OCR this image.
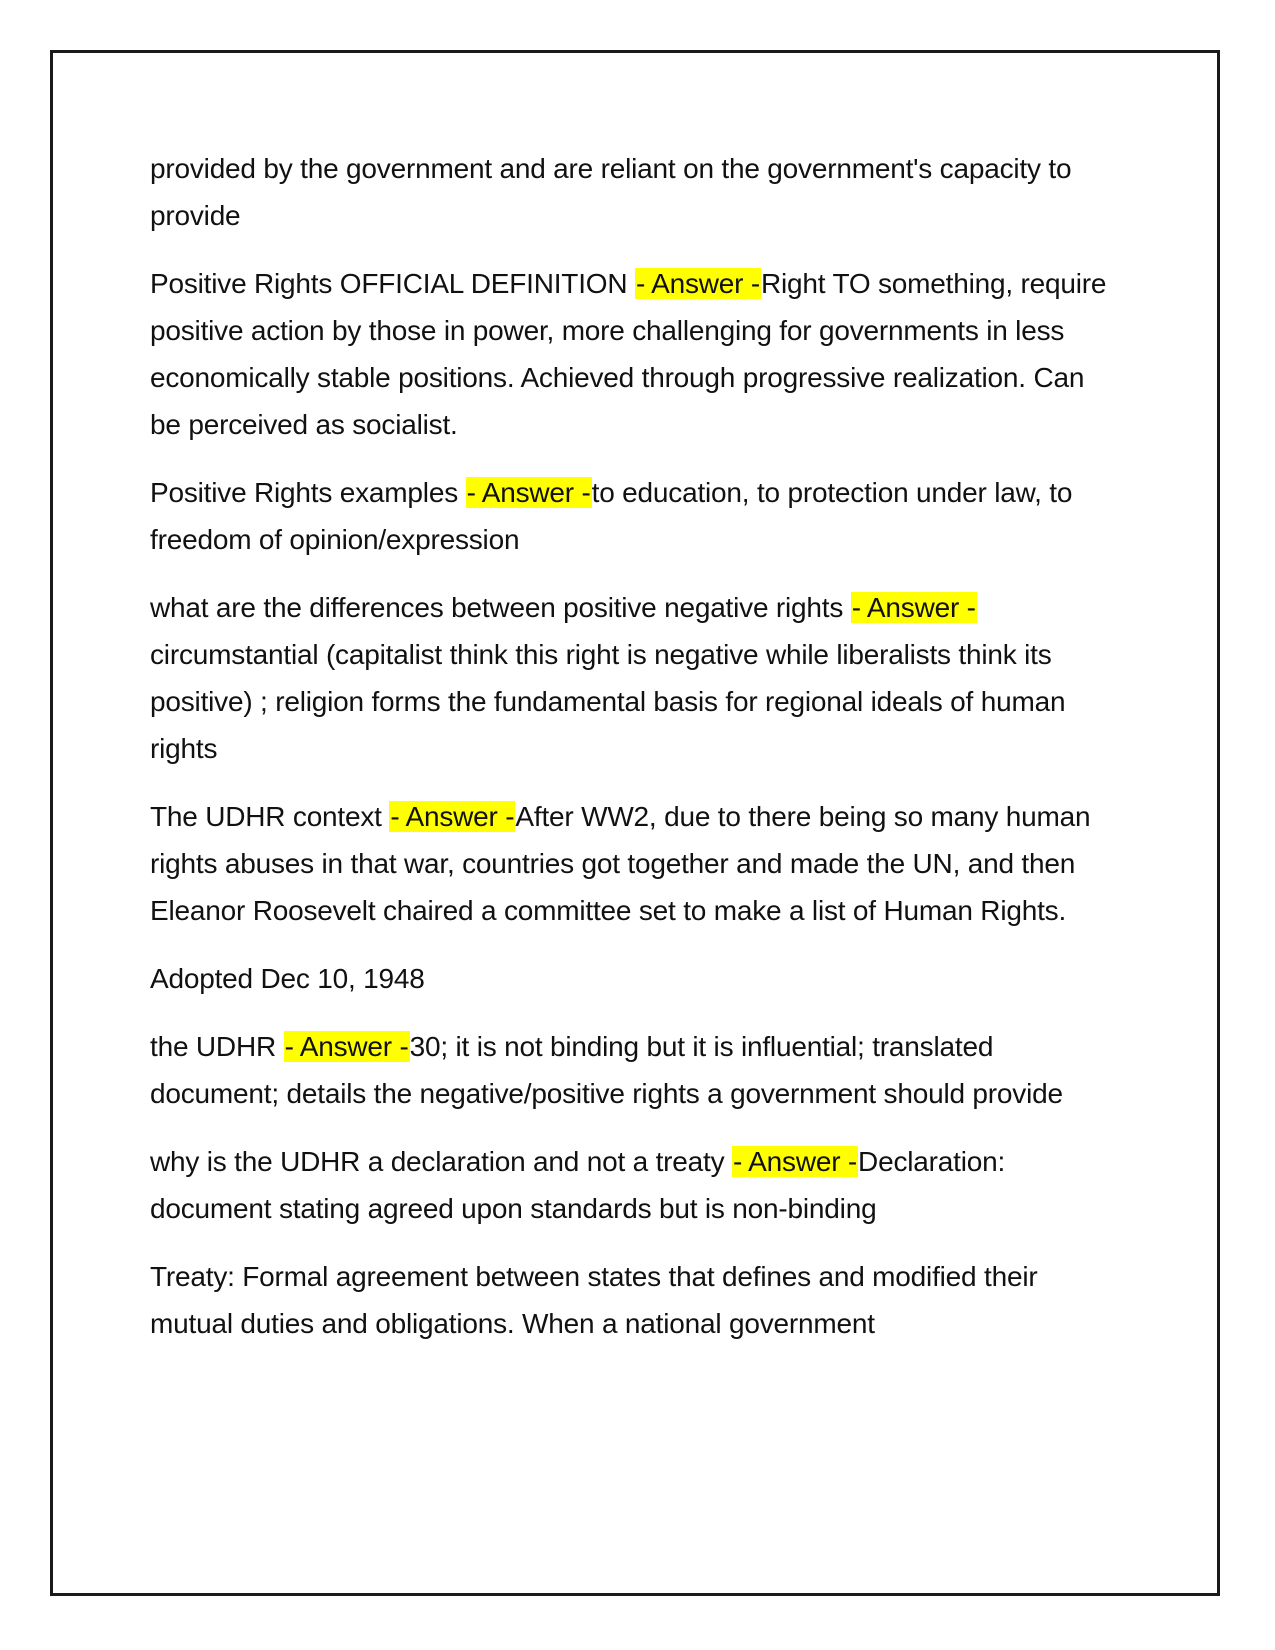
provided by the government and are reliant on the government's capacity to provide

Positive Rights OFFICIAL DEFINITION - Answer -Right TO something, require positive action by those in power, more challenging for governments in less economically stable positions. Achieved through progressive realization. Can be perceived as socialist.

Positive Rights examples - Answer -to education, to protection under law, to freedom of opinion/expression

what are the differences between positive negative rights - Answer -circumstantial (capitalist think this right is negative while liberalists think its positive) ; religion forms the fundamental basis for regional ideals of human rights

The UDHR context - Answer -After WW2, due to there being so many human rights abuses in that war, countries got together and made the UN, and then Eleanor Roosevelt chaired a committee set to make a list of Human Rights.

Adopted Dec 10, 1948

the UDHR - Answer -30; it is not binding but it is influential; translated document; details the negative/positive rights a government should provide

why is the UDHR a declaration and not a treaty - Answer -Declaration: document stating agreed upon standards but is non-binding

Treaty: Formal agreement between states that defines and modified their mutual duties and obligations. When a national government
